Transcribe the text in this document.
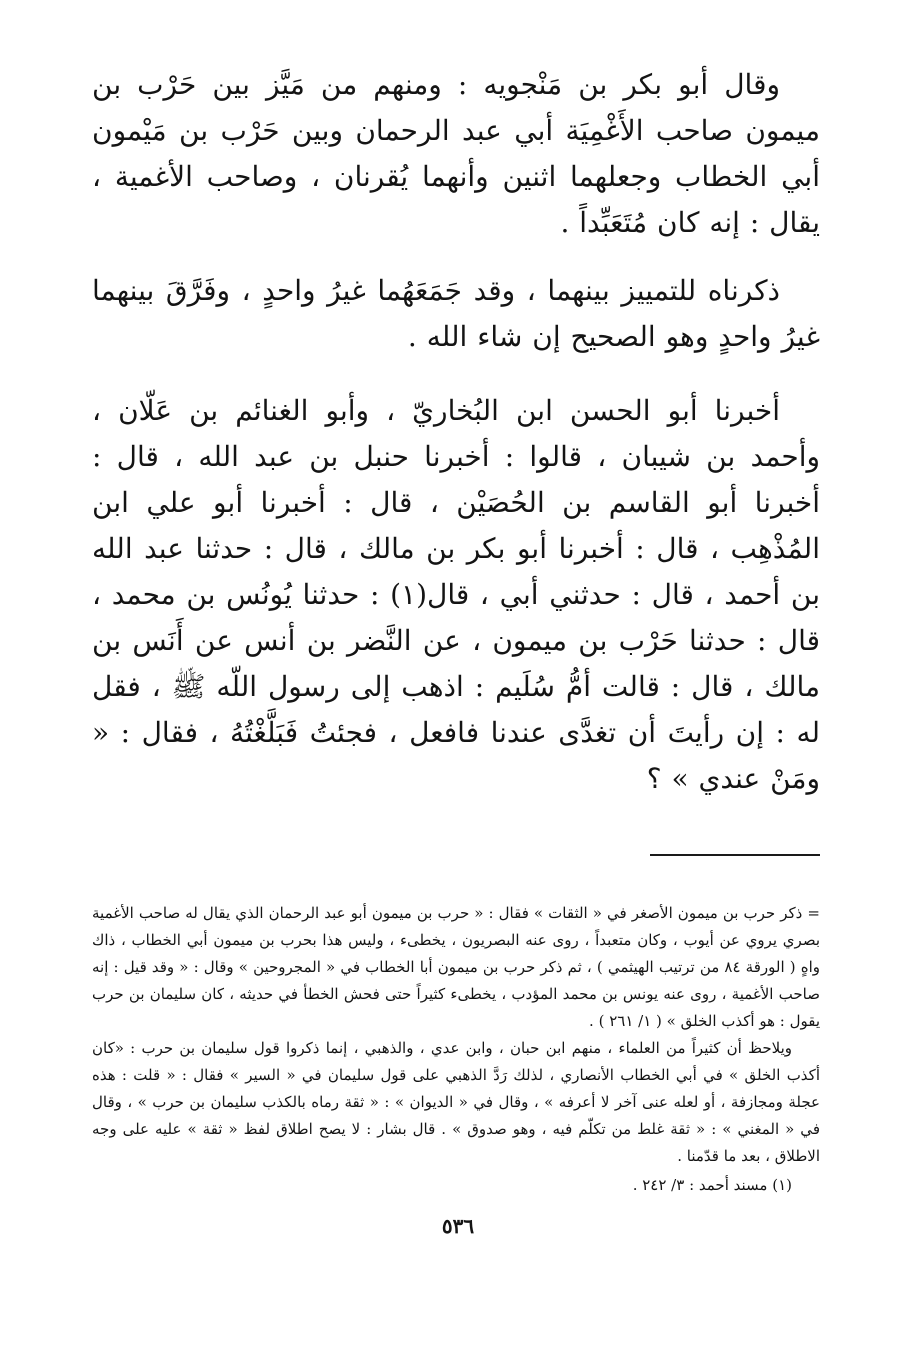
وقال أبو بكر بن مَنْجويه : ومنهم من مَيَّز بين حَرْب بن ميمون صاحب الأَغْمِيَة أبي عبد الرحمان وبين حَرْب بن مَيْمون أبي الخطاب وجعلهما اثنين وأنهما يُقرنان ، وصاحب الأغمية ، يقال : إنه كان مُتَعَبِّداً .

ذكرناه للتمييز بينهما ، وقد جَمَعَهُما غيرُ واحدٍ ، وفَرَّقَ بينهما غيرُ واحدٍ وهو الصحيح إن شاء الله .

أخبرنا أبو الحسن ابن البُخاريّ ، وأبو الغنائم بن عَلّان ، وأحمد بن شيبان ، قالوا : أخبرنا حنبل بن عبد الله ، قال : أخبرنا أبو القاسم بن الحُصَيْن ، قال : أخبرنا أبو علي ابن المُذْهِب ، قال : أخبرنا أبو بكر بن مالك ، قال : حدثنا عبد الله بن أحمد ، قال : حدثني أبي ، قال(١) : حدثنا يُونُس بن محمد ، قال : حدثنا حَرْب بن ميمون ، عن النَّضر بن أنس عن أَنَس بن مالك ، قال : قالت أمُّ سُلَيم : اذهب إلى رسول اللّه ﷺ ، فقل له : إن رأيتَ أن تغدَّى عندنا فافعل ، فجئتُ فَبَلَّغْتُهُ ، فقال : « ومَنْ عندي » ؟

= ذكر حرب بن ميمون الأصغر في « الثقات » فقال : « حرب بن ميمون أبو عبد الرحمان الذي يقال له صاحب الأغمية بصري يروي عن أيوب ، وكان متعبداً ، روى عنه البصريون ، يخطىء ، وليس هذا بحرب بن ميمون أبي الخطاب ، ذاك واهٍ ( الورقة ٨٤ من ترتيب الهيثمي ) ، ثم ذكر حرب بن ميمون أبا الخطاب في « المجروحين » وقال : « وقد قيل : إنه صاحب الأغمية ، روى عنه يونس بن محمد المؤدب ، يخطىء كثيراً حتى فحش الخطأ في حديثه ، كان سليمان بن حرب يقول : هو أكذب الخلق » ( ١/ ٢٦١ ) .

ويلاحظ أن كثيراً من العلماء ، منهم ابن حبان ، وابن عدي ، والذهبي ، إنما ذكروا قول سليمان بن حرب : «كان أكذب الخلق » في أبي الخطاب الأنصاري ، لذلك رَدَّ الذهبي على قول سليمان في « السير » فقال : « قلت : هذه عجلة ومجازفة ، أو لعله عنى آخر لا أعرفه » ، وقال في « الديوان » : « ثقة رماه بالكذب سليمان بن حرب » ، وقال في « المغني » : « ثقة غلط من تكلّم فيه ، وهو صدوق » . قال بشار : لا يصح اطلاق لفظ « ثقة » عليه على وجه الاطلاق ، بعد ما قدّمنا .

(١) مسند أحمد : ٣/ ٢٤٢ .

٥٣٦
